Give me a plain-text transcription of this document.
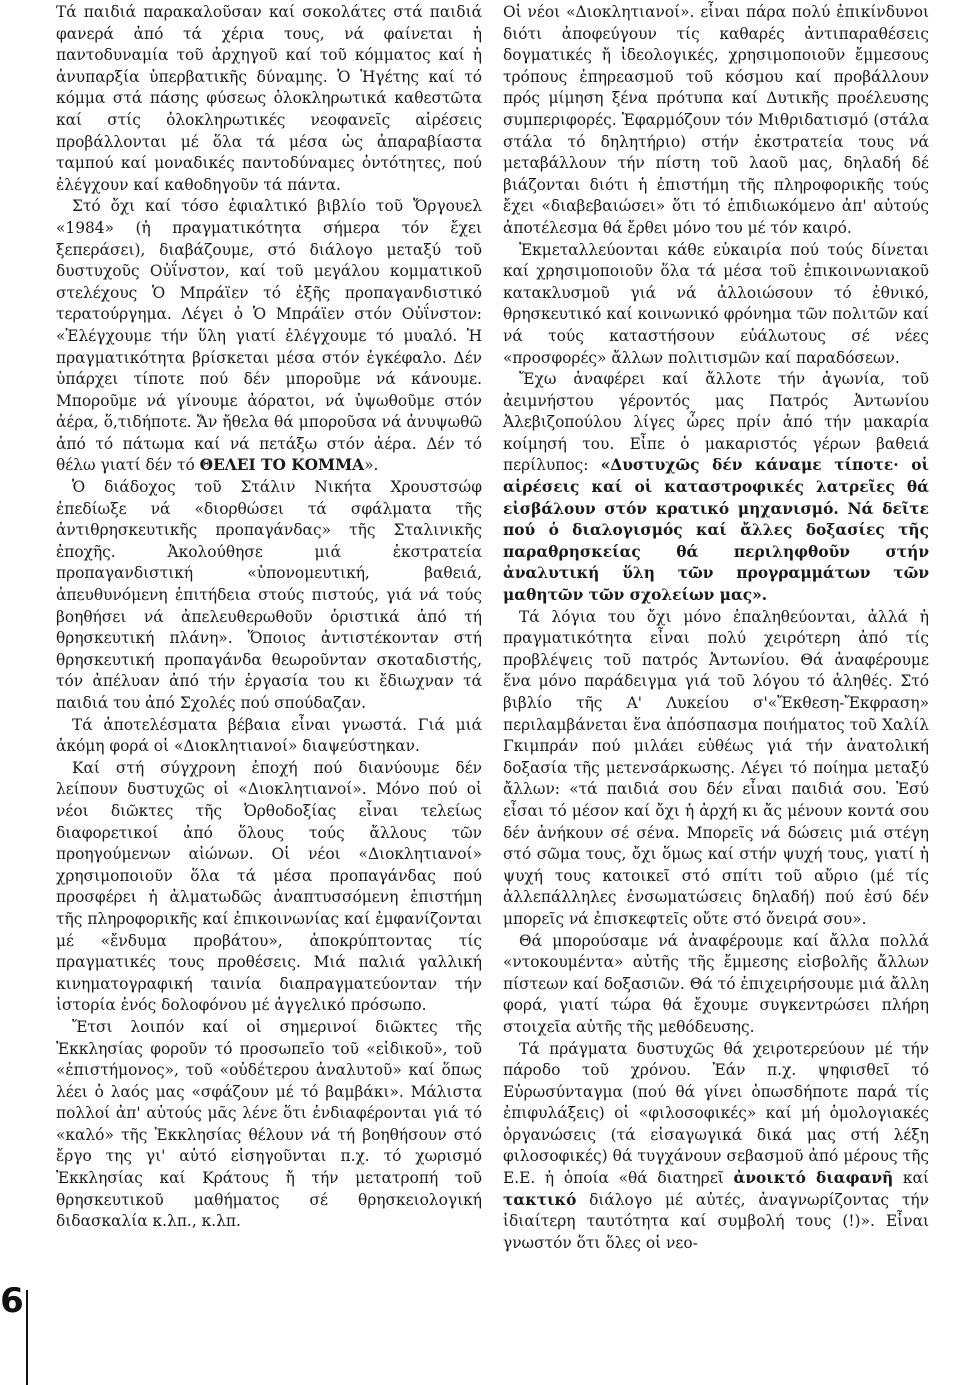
Τά παιδιά παρακαλοῦσαν καί σοκολάτες στά παιδιά φανερά ἀπό τά χέρια τους, νά φαίνεται ἡ παντοδυναμία τοῦ ἀρχηγοῦ καί τοῦ κόμματος καί ἡ ἀνυπαρξία ὑπερβατικῆς δύναμης. Ὁ Ἡγέτης καί τό κόμμα στά πάσης φύσεως ὁλοκληρωτικά καθεστῶτα καί στίς ὁλοκληρωτικές νεοφανεῖς αἱρέσεις προβάλλονται μέ ὅλα τά μέσα ὡς ἀπαραβίαστα ταμπού καί μοναδικές παντοδύναμες ὀντότητες, πού ἐλέγχουν καί καθοδηγοῦν τά πάντα.

Στό ὄχι καί τόσο ἐφιαλτικό βιβλίο τοῦ Ὄργουελ «1984» (ἡ πραγματικότητα σήμερα τόν ἔχει ξεπεράσει), διαβάζουμε, στό διάλογο μεταξύ τοῦ δυστυχοῦς Οὐΐνστον, καί τοῦ μεγάλου κομματικοῦ στελέχους Ὁ Μπράϊεν τό ἐξῆς προπαγανδιστικό τερατούργημα. Λέγει ὁ Ὁ Μπράϊεν στόν Οὐΐνστον: «Ἐλέγχουμε τήν ὕλη γιατί ἐλέγχουμε τό μυαλό. Ἡ πραγματικότητα βρίσκεται μέσα στόν ἐγκέφαλο. Δέν ὑπάρχει τίποτε πού δέν μποροῦμε νά κάνουμε. Μποροῦμε νά γίνουμε ἀόρατοι, νά ὑψωθοῦμε στόν ἀέρα, ὅ,τιδήποτε. Ἄν ἤθελα θά μποροῦσα νά ἀνυψωθῶ ἀπό τό πάτωμα καί νά πετάξω στόν ἀέρα. Δέν τό θέλω γιατί δέν τό ΘΕΛΕΙ ΤΟ ΚΟΜΜΑ».

Ὁ διάδοχος τοῦ Στάλιν Νικήτα Χρουστσώφ ἐπεδίωξε νά «διορθώσει τά σφάλματα τῆς ἀντιθρησκευτικῆς προπαγάνδας» τῆς Σταλινικῆς ἐποχῆς. Ἀκολούθησε μιά ἐκστρατεία προπαγανδιστική «ὑπονομευτική, βαθειά, ἀπευθυνόμενη ἐπιτήδεια στούς πιστούς, γιά νά τούς βοηθήσει νά ἀπελευθερωθοῦν ὁριστικά ἀπό τή θρησκευτική πλάνη». Ὅποιος ἀντιστέκονταν στή θρησκευτική προπαγάνδα θεωροῦνταν σκοταδιστής, τόν ἀπέλυαν ἀπό τήν ἐργασία του κι ἔδιωχναν τά παιδιά του ἀπό Σχολές πού σπούδαζαν.

Τά ἀποτελέσματα βέβαια εἶναι γνωστά. Γιά μιά ἀκόμη φορά οἱ «Διοκλητιανοί» διαψεύστηκαν.

Καί στή σύγχρονη ἐποχή πού διανύουμε δέν λείπουν δυστυχῶς οἱ «Διοκλητιανοί». Μόνο πού οἱ νέοι διῶκτες τῆς Ὀρθοδοξίας εἶναι τελείως διαφορετικοί ἀπό ὅλους τούς ἄλλους τῶν προηγούμενων αἰώνων. Οἱ νέοι «Διοκλητιανοί» χρησιμοποιοῦν ὅλα τά μέσα προπαγάνδας πού προσφέρει ἡ ἀλματωδῶς ἀναπτυσσόμενη ἐπιστήμη τῆς πληροφορικῆς καί ἐπικοινωνίας καί ἐμφανίζονται μέ «ἔνδυμα προβάτου», ἀποκρύπτοντας τίς πραγματικές τους προθέσεις. Μιά παλιά γαλλική κινηματογραφική ταινία διαπραγματεύονταν τήν ἱστορία ἑνός δολοφόνου μέ ἀγγελικό πρόσωπο.

Ἔτσι λοιπόν καί οἱ σημερινοί διῶκτες τῆς Ἐκκλησίας φοροῦν τό προσωπεῖο τοῦ «εἰδικοῦ», τοῦ «ἐπιστήμονος», τοῦ «οὐδέτερου ἀναλυτοῦ» καί ὅπως λέει ὁ λαός μας «σφάζουν μέ τό βαμβάκι». Μάλιστα πολλοί ἀπ' αὐτούς μᾶς λένε ὅτι ἐνδιαφέρονται γιά τό «καλό» τῆς Ἐκκλησίας θέλουν νά τή βοηθήσουν στό ἔργο της γι' αὐτό εἰσηγοῦνται π.χ. τό χωρισμό Ἐκκλησίας καί Κράτους ἤ τήν μετατροπή τοῦ θρησκευτικοῦ μαθήματος σέ θρησκειολογική διδασκαλία κ.λπ., κ.λπ.

Οἱ νέοι «Διοκλητιανοί». εἶναι πάρα πολύ ἐπικίνδυνοι διότι ἀποφεύγουν τίς καθαρές ἀντιπαραθέσεις δογματικές ἤ ἰδεολογικές, χρησιμοποιοῦν ἔμμεσους τρόπους ἐπηρεασμοῦ τοῦ κόσμου καί προβάλλουν πρός μίμηση ξένα πρότυπα καί Δυτικῆς προέλευσης συμπεριφορές. Ἐφαρμόζουν τόν Μιθριδατισμό (στάλα στάλα τό δηλητήριο) στήν ἐκστρατεία τους νά μεταβάλλουν τήν πίστη τοῦ λαοῦ μας, δηλαδή δέ βιάζονται διότι ἡ ἐπιστήμη τῆς πληροφορικῆς τούς ἔχει «διαβεβαιώσει» ὅτι τό ἐπιδιωκόμενο ἀπ' αὐτούς ἀποτέλεσμα θά ἔρθει μόνο του μέ τόν καιρό.

Ἐκμεταλλεύονται κάθε εὐκαιρία πού τούς δίνεται καί χρησιμοποιοῦν ὅλα τά μέσα τοῦ ἐπικοινωνιακοῦ κατακλυσμοῦ γιά νά ἀλλοιώσουν τό ἐθνικό, θρησκευτικό καί κοινωνικό φρόνημα τῶν πολιτῶν καί νά τούς καταστήσουν εὐάλωτους σέ νέες «προσφορές» ἄλλων πολιτισμῶν καί παραδόσεων.

Ἔχω ἀναφέρει καί ἄλλοτε τήν ἀγωνία, τοῦ ἀειμνήστου γέροντός μας Πατρός Ἀντωνίου Ἀλεβιζοπούλου λίγες ὧρες πρίν ἀπό τήν μακαρία κοίμησή του. Εἶπε ὁ μακαριστός γέρων βαθειά περίλυπος: «Δυστυχῶς δέν κάναμε τίποτε· οἱ αἱρέσεις καί οἱ καταστροφικές λατρεῖες θά εἰσβάλουν στόν κρατικό μηχανισμό. Νά δεῖτε πού ὁ διαλογισμός καί ἄλλες δοξασίες τῆς παραθρησκείας θά περιληφθοῦν στήν ἀναλυτική ὕλη τῶν προγραμμάτων τῶν μαθητῶν τῶν σχολείων μας».

Τά λόγια του ὄχι μόνο ἐπαληθεύονται, ἀλλά ἡ πραγματικότητα εἶναι πολύ χειρότερη ἀπό τίς προβλέψεις τοῦ πατρός Ἀντωνίου. Θά ἀναφέρουμε ἕνα μόνο παράδειγμα γιά τοῦ λόγου τό ἀληθές. Στό βιβλίο τῆς Α' Λυκείου σ'«Ἔκθεση-Ἔκφραση» περιλαμβάνεται ἕνα ἀπόσπασμα ποιήματος τοῦ Χαλίλ Γκιμπράν πού μιλάει εὐθέως γιά τήν ἀνατολική δοξασία τῆς μετενσάρκωσης. Λέγει τό ποίημα μεταξύ ἄλλων: «τά παιδιά σου δέν εἶναι παιδιά σου. Ἐσύ εἶσαι τό μέσον καί ὄχι ἡ ἀρχή κι ἄς μένουν κοντά σου δέν ἀνήκουν σέ σένα. Μπορεῖς νά δώσεις μιά στέγη στό σῶμα τους, ὄχι ὅμως καί στήν ψυχή τους, γιατί ἡ ψυχή τους κατοικεῖ στό σπίτι τοῦ αὔριο (μέ τίς ἀλλεπάλληλες ἐνσωματώσεις δηλαδή) πού ἐσύ δέν μπορεῖς νά ἐπισκεφτεῖς οὔτε στό ὄνειρά σου».

Θά μπορούσαμε νά ἀναφέρουμε καί ἄλλα πολλά «ντοκουμέντα» αὐτῆς τῆς ἔμμεσης εἰσβολῆς ἄλλων πίστεων καί δοξασιῶν. Θά τό ἐπιχειρήσουμε μιά ἄλλη φορά, γιατί τώρα θά ἔχουμε συγκεντρώσει πλήρη στοιχεῖα αὐτῆς τῆς μεθόδευσης.

Τά πράγματα δυστυχῶς θά χειροτερεύουν μέ τήν πάροδο τοῦ χρόνου. Ἐάν π.χ. ψηφισθεῖ τό Εὐρωσύνταγμα (πού θά γίνει ὁπωσδήποτε παρά τίς ἐπιφυλάξεις) οἱ «φιλοσοφικές» καί μή ὁμολογιακές ὀργανώσεις (τά εἰσαγωγικά δικά μας στή λέξη φιλοσοφικές) θά τυγχάνουν σεβασμοῦ ἀπό μέρους τῆς Ε.Ε. ἡ ὁποία «θά διατηρεῖ ἀνοικτό διαφανῆ καί τακτικό διάλογο μέ αὐτές, ἀναγνωρίζοντας τήν ἰδιαίτερη ταυτότητα καί συμβολή τους (!)». Εἶναι γνωστόν ὅτι ὅλες οἱ νεο-

6
